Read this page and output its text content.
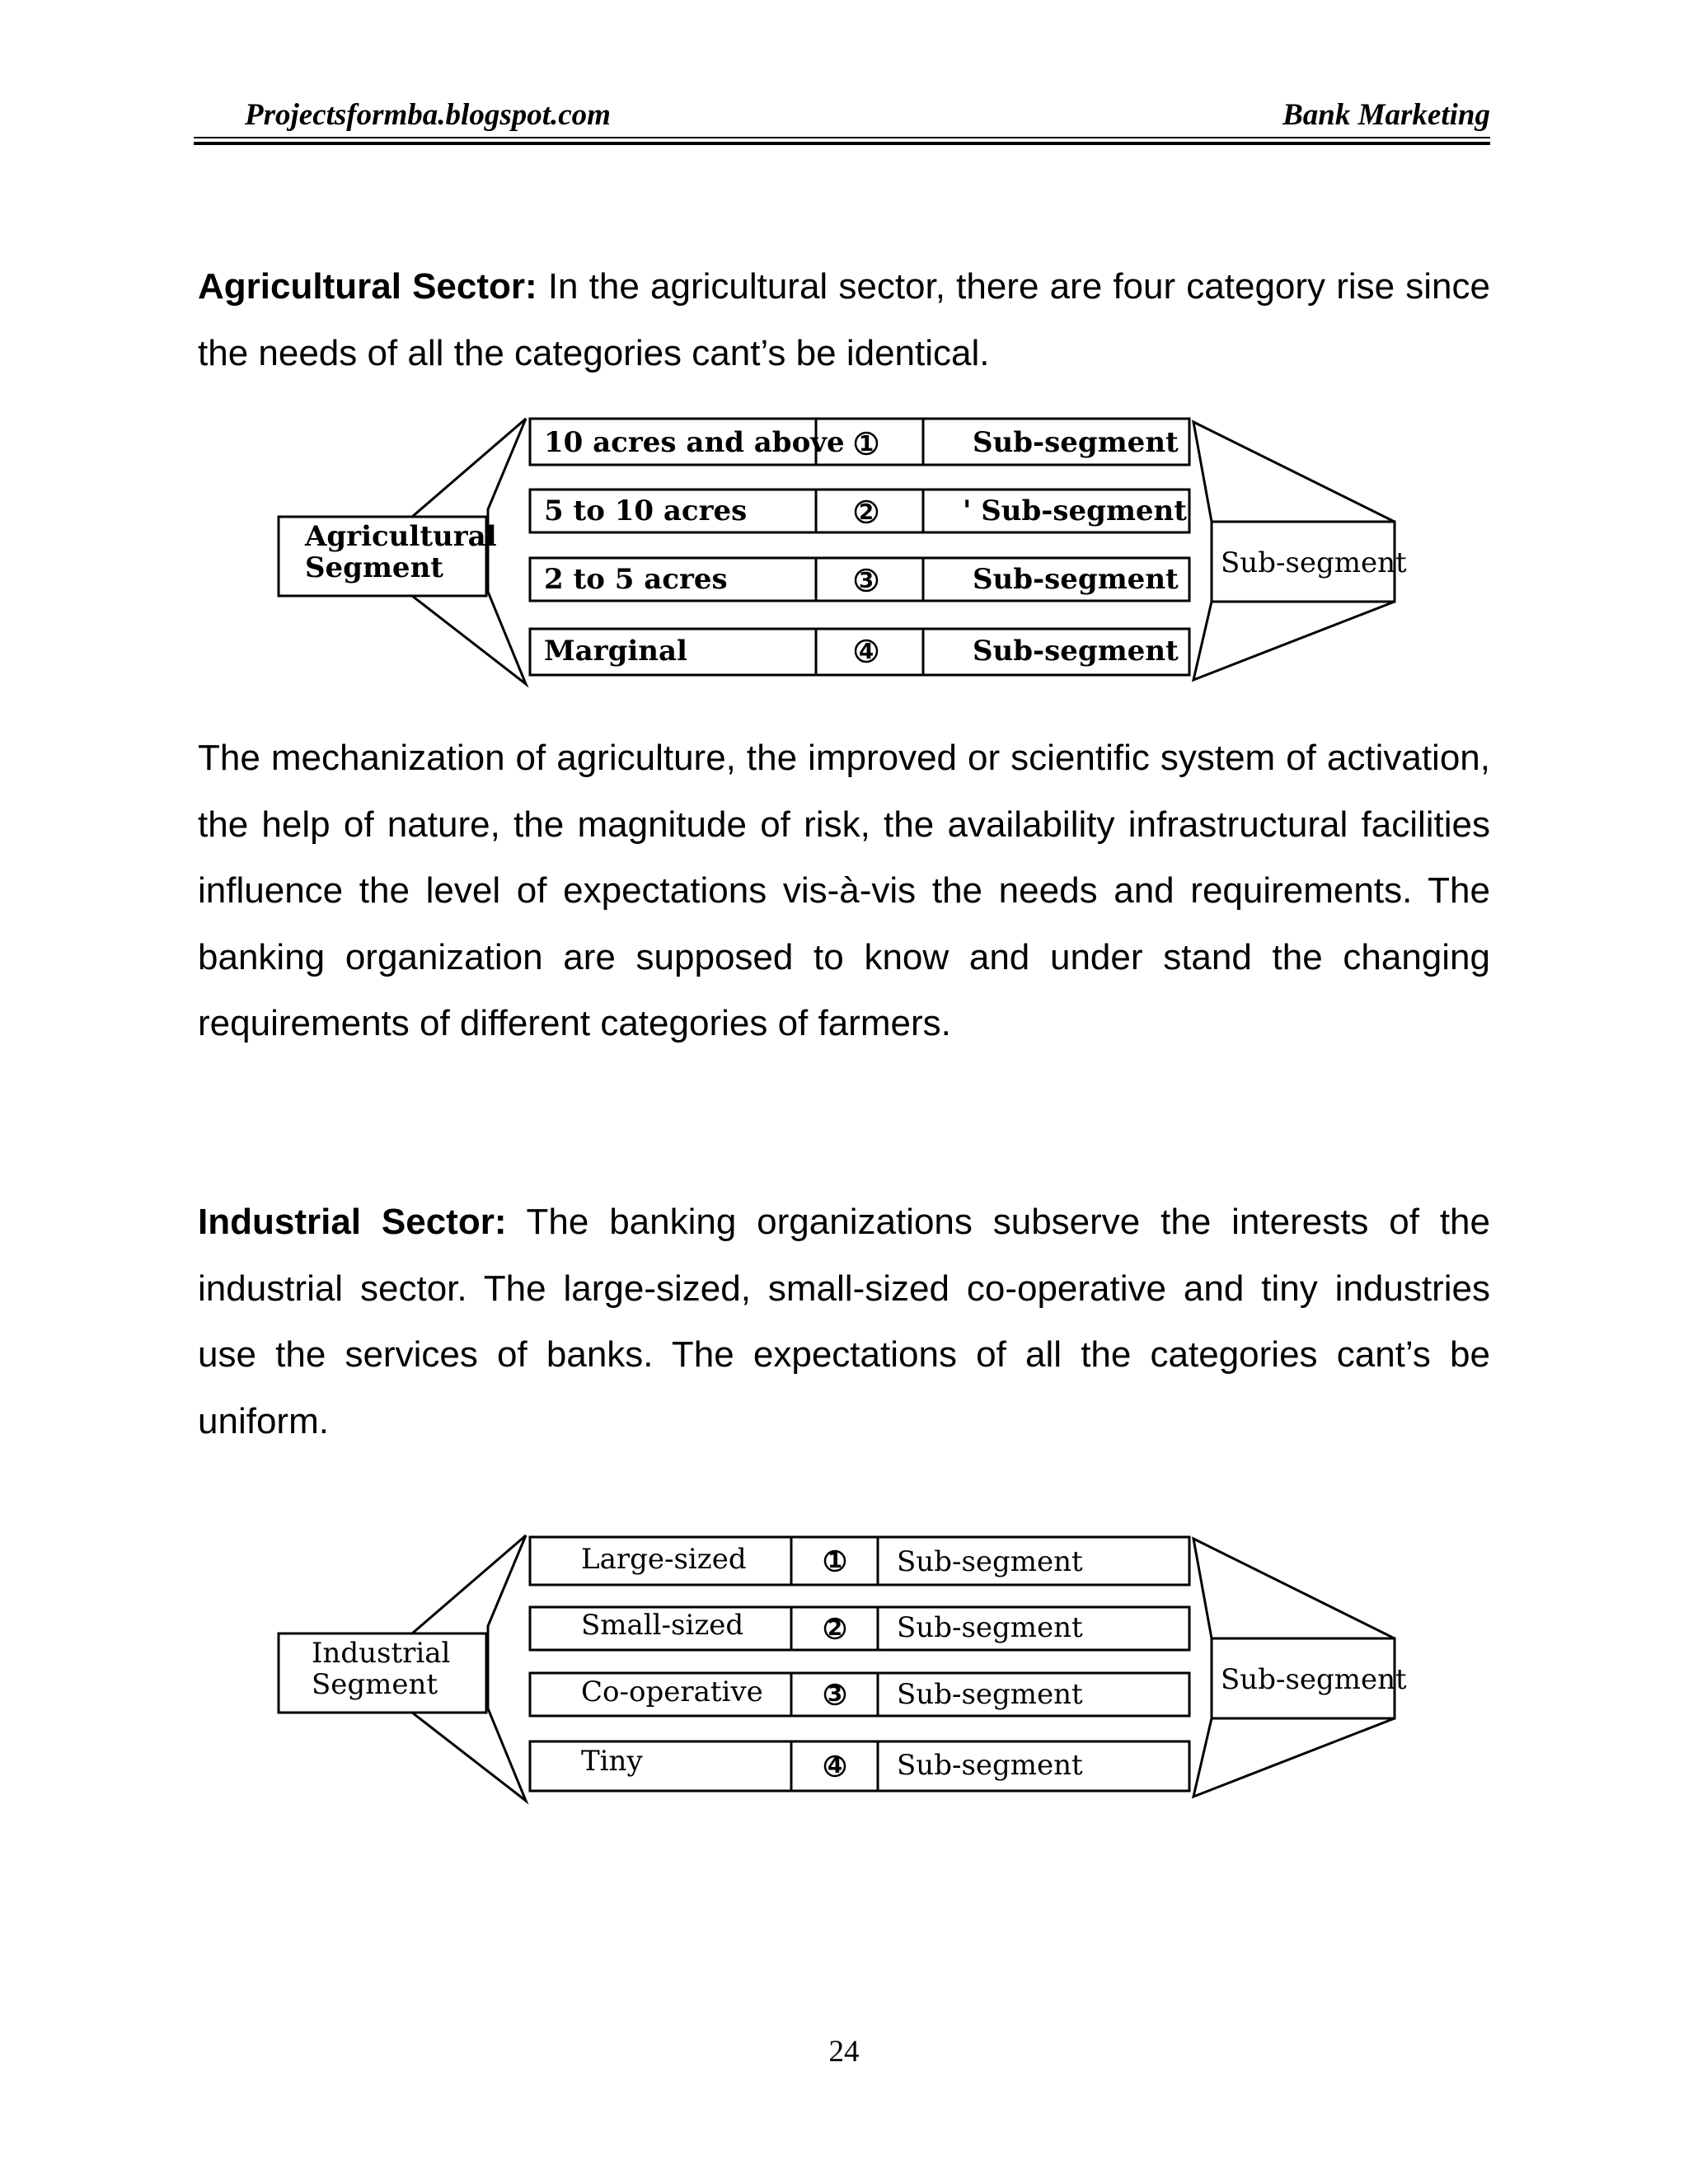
Projectsformba.blogspot.com	Bank Marketing

Agricultural Sector: In the agricultural sector, there are four category rise since the needs of all the categories cant’s be identical.

Agricultural
Segment
10 acres and above
5 to 10 acres
2 to 5 acres
Marginal
1
2
3
4
Sub-segment
' Sub-segment
Sub-segment
Sub-segment
Sub-segment

The mechanization of agriculture, the improved or scientific system of activation, the help of nature, the magnitude of risk, the availability infrastructural facilities influence the level of expectations vis-à-vis the needs and requirements. The banking organization are supposed to know and under stand the changing requirements of different categories of farmers.

Industrial Sector: The banking organizations subserve the interests of the industrial sector. The large-sized, small-sized co-operative and tiny industries use the services of banks. The expectations of all the categories cant’s be uniform.

Industrial
Segment
Large-sized
Small-sized
Co-operative
Tiny
1
2
3
4
Sub-segment
Sub-segment
Sub-segment
Sub-segment
Sub-segment
24
